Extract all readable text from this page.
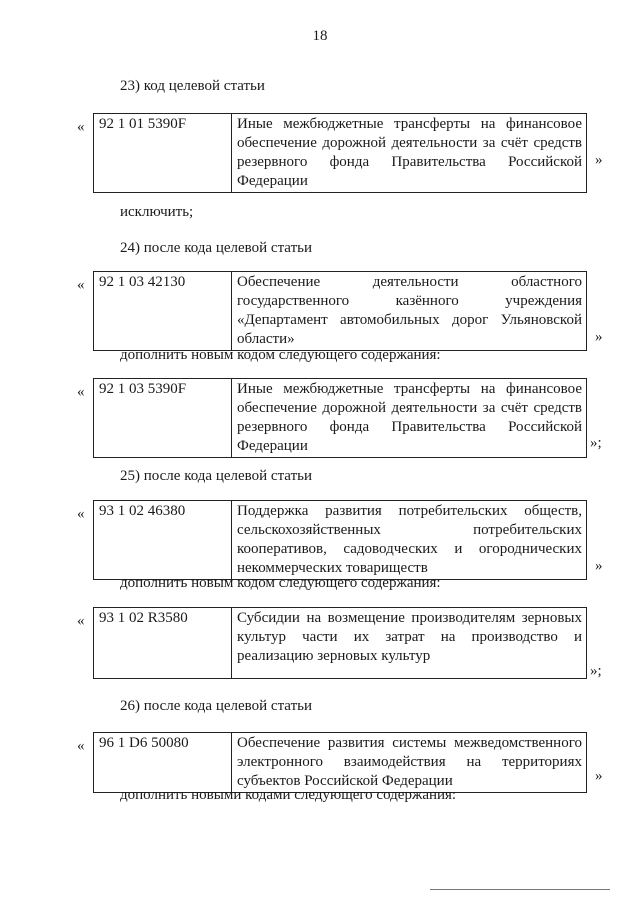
18
23) код целевой статьи
« 92 1 01 5390F	Иные межбюджетные трансферты на финансовое обеспечение дорожной деятельности за счёт средств резервного фонда Правительства Российской Федерации
»
исключить;
24) после кода целевой статьи
« 92 1 03 42130	Обеспечение деятельности областного государственного казённого учреждения «Департамент автомобильных дорог Ульяновской области»	»
дополнить новым кодом следующего содержания:
« 92 1 03 5390F	Иные межбюджетные трансферты на финансовое обеспечение дорожной деятельности за счёт средств резервного фонда Правительства Российской Федерации	»;
25) после кода целевой статьи
« 93 1 02 46380	Поддержка развития потребительских обществ, сельскохозяйственных потребительских кооперативов, садоводческих и огороднических некоммерческих товариществ	»
дополнить новым кодом следующего содержания:
« 93 1 02 R3580	Субсидии на возмещение производителям зерновых культур части их затрат на производство и реализацию зерновых культур
»;
26) после кода целевой статьи
« 96 1 D6 50080	Обеспечение развития системы межведомственного электронного взаимодействия на территориях субъектов Российской Федерации	»
дополнить новыми кодами следующего содержания:
